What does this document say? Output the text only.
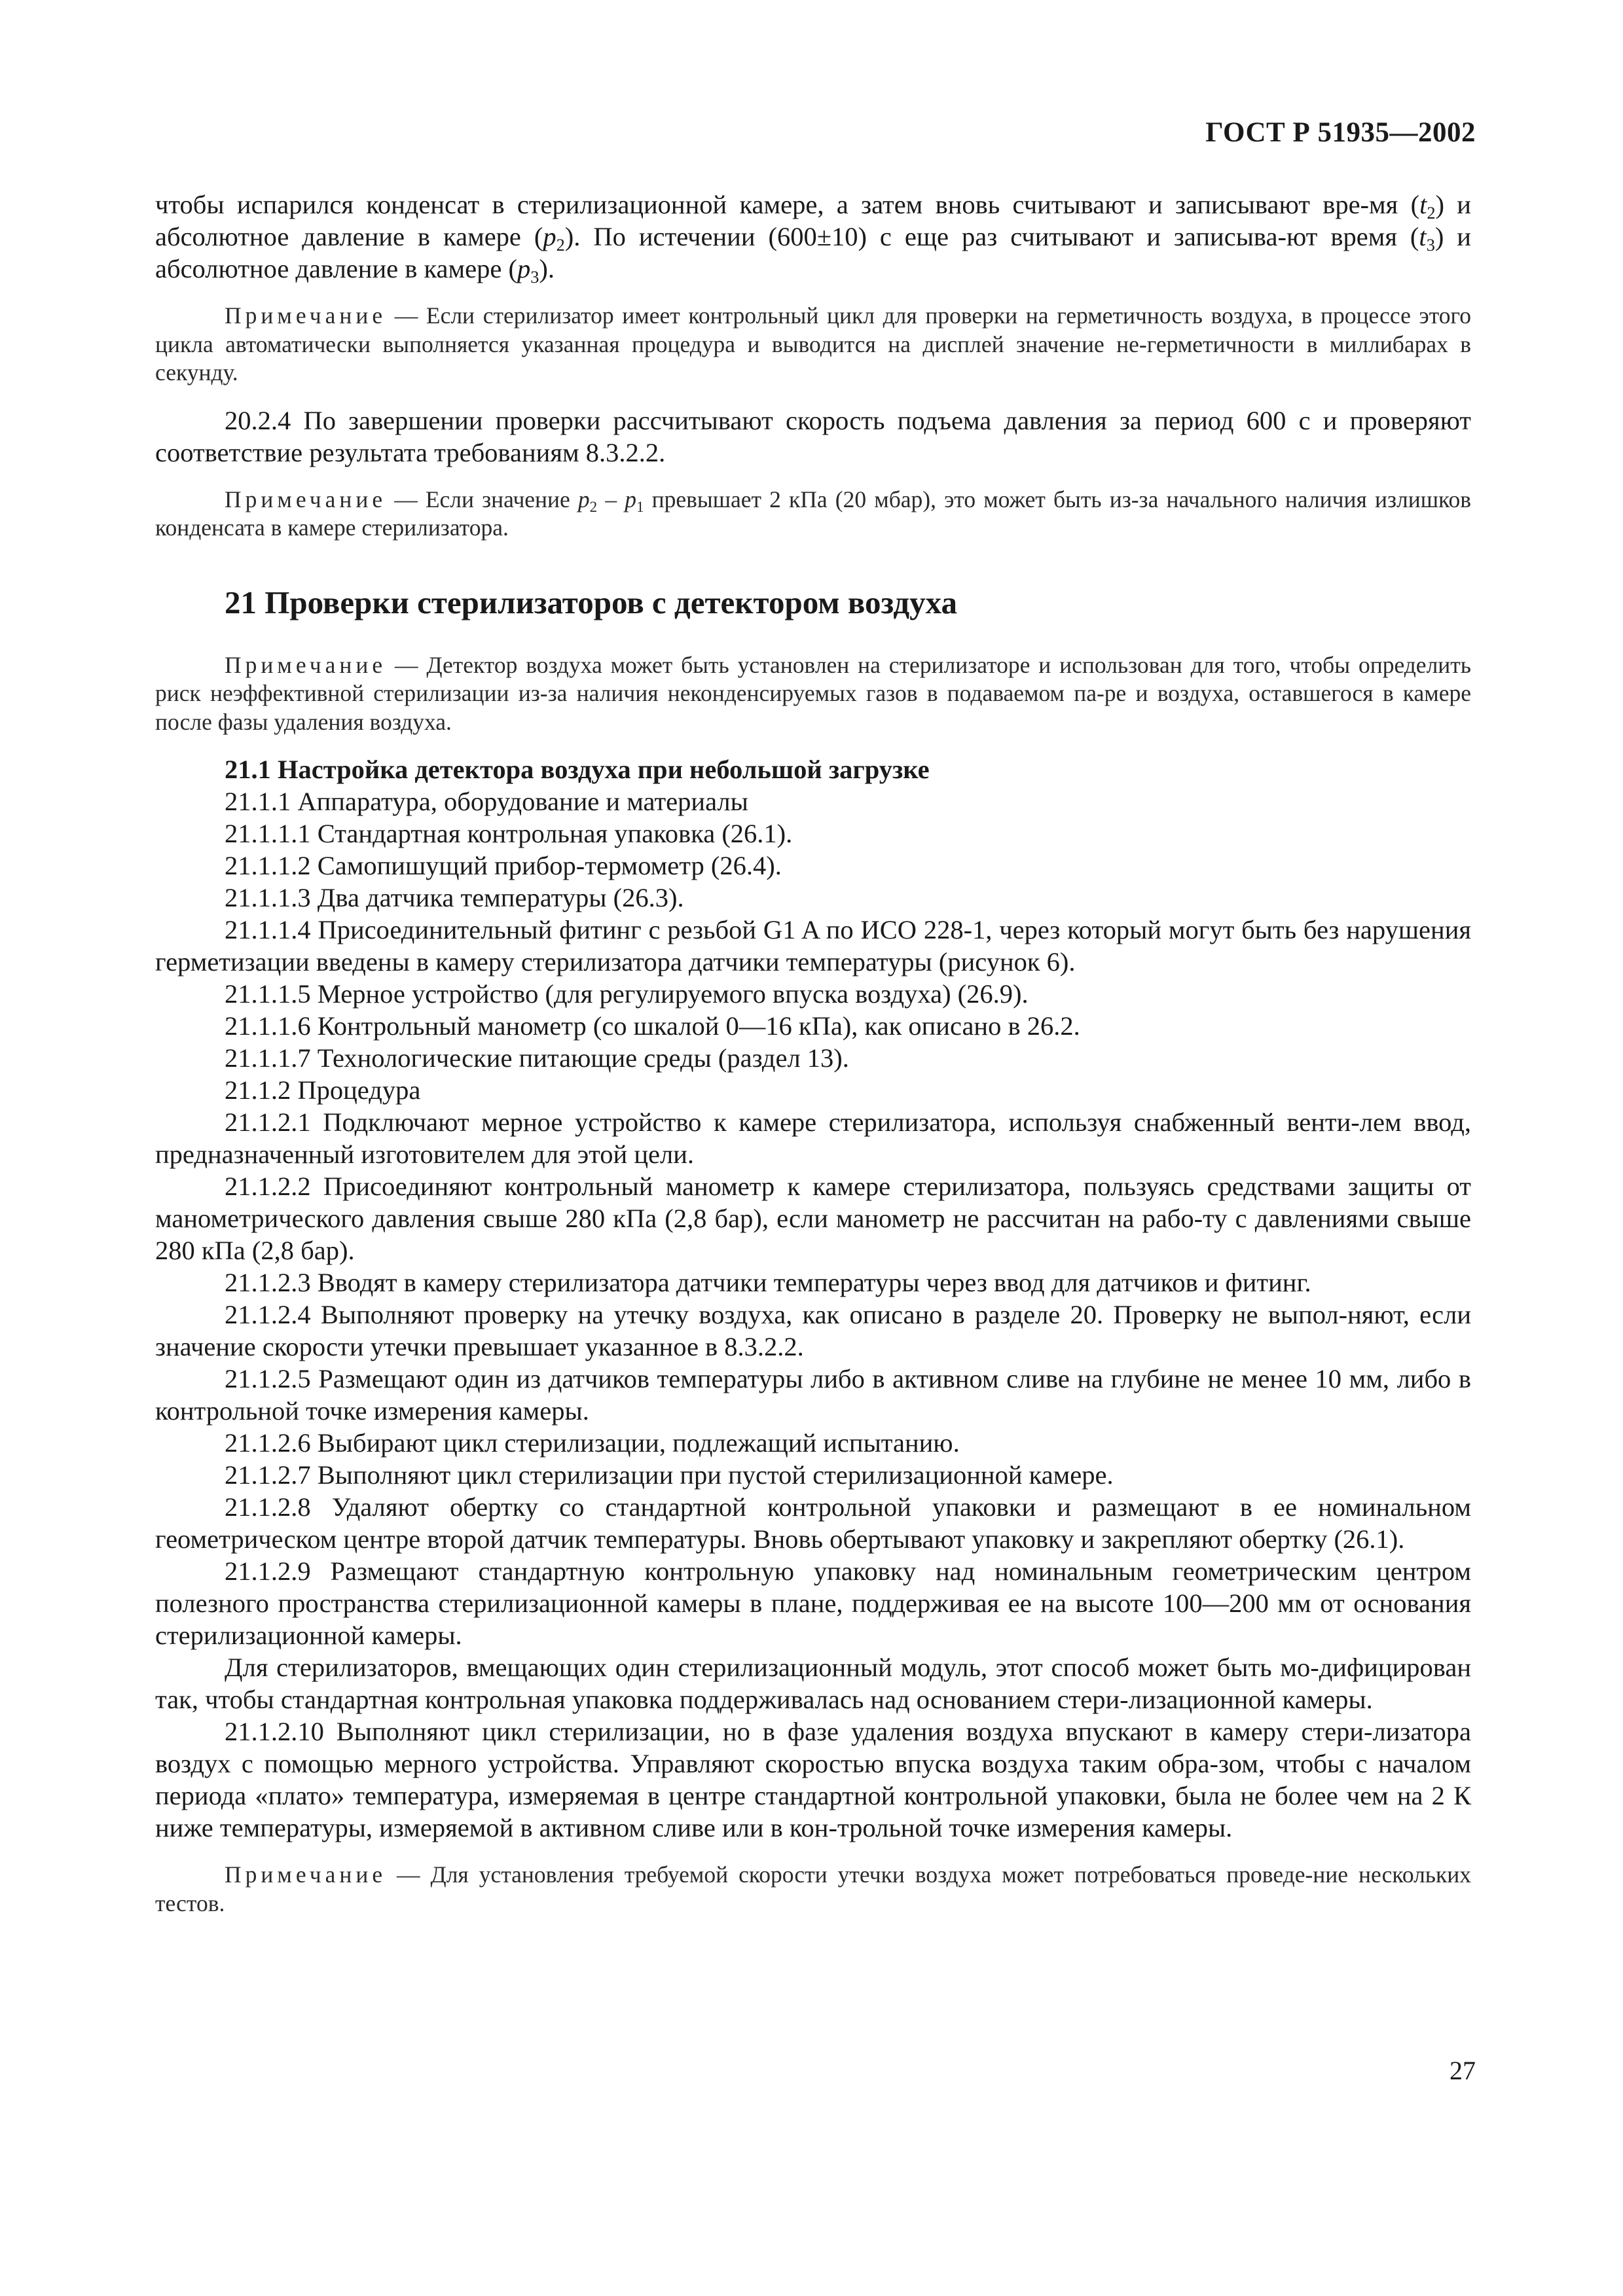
ГОСТ Р 51935—2002

чтобы испарился конденсат в стерилизационной камере, а затем вновь считывают и записывают вре-мя $(t_2)$ и абсолютное давление в камере $(p_2)$. По истечении (600±10) с еще раз считывают и записыва-ют время $(t_3)$ и абсолютное давление в камере $(p_3)$.

Примечание — Если стерилизатор имеет контрольный цикл для проверки на герметичность воздуха, в процессе этого цикла автоматически выполняется указанная процедура и выводится на дисплей значение не-герметичности в миллибарах в секунду.

20.2.4 По завершении проверки рассчитывают скорость подъема давления за период 600 с и проверяют соответствие результата требованиям 8.3.2.2.

Примечание — Если значение $p_2 - p_1$ превышает 2 кПа (20 мбар), это может быть из-за начального наличия излишков конденсата в камере стерилизатора.

21 Проверки стерилизаторов с детектором воздуха

Примечание — Детектор воздуха может быть установлен на стерилизаторе и использован для того, чтобы определить риск неэффективной стерилизации из-за наличия неконденсируемых газов в подаваемом па-ре и воздуха, оставшегося в камере после фазы удаления воздуха.

21.1 Настройка детектора воздуха при небольшой загрузке

21.1.1 Аппаратура, оборудование и материалы

21.1.1.1 Стандартная контрольная упаковка (26.1).

21.1.1.2 Самопишущий прибор-термометр (26.4).

21.1.1.3 Два датчика температуры (26.3).

21.1.1.4 Присоединительный фитинг с резьбой G1 A по ИСО 228-1, через который могут быть без нарушения герметизации введены в камеру стерилизатора датчики температуры (рисунок 6).

21.1.1.5 Мерное устройство (для регулируемого впуска воздуха) (26.9).

21.1.1.6 Контрольный манометр (со шкалой 0—16 кПа), как описано в 26.2.

21.1.1.7 Технологические питающие среды (раздел 13).

21.1.2 Процедура

21.1.2.1 Подключают мерное устройство к камере стерилизатора, используя снабженный венти-лем ввод, предназначенный изготовителем для этой цели.

21.1.2.2 Присоединяют контрольный манометр к камере стерилизатора, пользуясь средствами защиты от манометрического давления свыше 280 кПа (2,8 бар), если манометр не рассчитан на рабо-ту с давлениями свыше 280 кПа (2,8 бар).

21.1.2.3 Вводят в камеру стерилизатора датчики температуры через ввод для датчиков и фитинг.

21.1.2.4 Выполняют проверку на утечку воздуха, как описано в разделе 20. Проверку не выпол-няют, если значение скорости утечки превышает указанное в 8.3.2.2.

21.1.2.5 Размещают один из датчиков температуры либо в активном сливе на глубине не менее 10 мм, либо в контрольной точке измерения камеры.

21.1.2.6 Выбирают цикл стерилизации, подлежащий испытанию.

21.1.2.7 Выполняют цикл стерилизации при пустой стерилизационной камере.

21.1.2.8 Удаляют обертку со стандартной контрольной упаковки и размещают в ее номинальном геометрическом центре второй датчик температуры. Вновь обертывают упаковку и закрепляют обертку (26.1).

21.1.2.9 Размещают стандартную контрольную упаковку над номинальным геометрическим центром полезного пространства стерилизационной камеры в плане, поддерживая ее на высоте 100—200 мм от основания стерилизационной камеры.

Для стерилизаторов, вмещающих один стерилизационный модуль, этот способ может быть мо-дифицирован так, чтобы стандартная контрольная упаковка поддерживалась над основанием стери-лизационной камеры.

21.1.2.10 Выполняют цикл стерилизации, но в фазе удаления воздуха впускают в камеру стери-лизатора воздух с помощью мерного устройства. Управляют скоростью впуска воздуха таким обра-зом, чтобы с началом периода «плато» температура, измеряемая в центре стандартной контрольной упаковки, была не более чем на 2 К ниже температуры, измеряемой в активном сливе или в кон-трольной точке измерения камеры.

Примечание — Для установления требуемой скорости утечки воздуха может потребоваться проведе-ние нескольких тестов.

27
